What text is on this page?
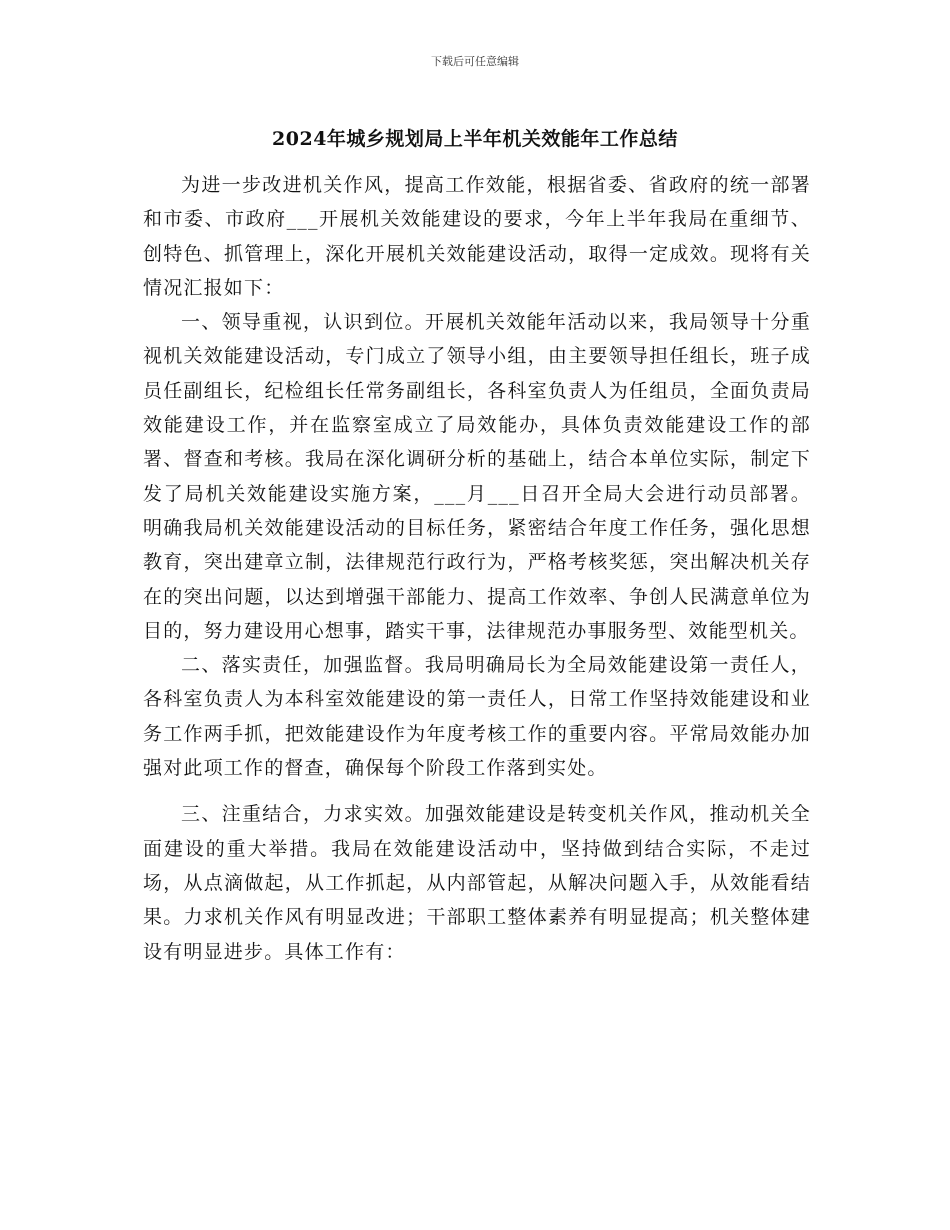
下载后可任意编辑
2024年城乡规划局上半年机关效能年工作总结

为进一步改进机关作风，提高工作效能，根据省委、省政府的统一部署和市委、市政府___开展机关效能建设的要求，今年上半年我局在重细节、创特色、抓管理上，深化开展机关效能建设活动，取得一定成效。现将有关情况汇报如下：

一、领导重视，认识到位。开展机关效能年活动以来，我局领导十分重视机关效能建设活动，专门成立了领导小组，由主要领导担任组长，班子成员任副组长，纪检组长任常务副组长，各科室负责人为任组员，全面负责局效能建设工作，并在监察室成立了局效能办，具体负责效能建设工作的部署、督查和考核。我局在深化调研分析的基础上，结合本单位实际，制定下发了局机关效能建设实施方案，___月___日召开全局大会进行动员部署。明确我局机关效能建设活动的目标任务，紧密结合年度工作任务，强化思想教育，突出建章立制，法律规范行政行为，严格考核奖惩，突出解决机关存在的突出问题，以达到增强干部能力、提高工作效率、争创人民满意单位为目的，努力建设用心想事，踏实干事，法律规范办事服务型、效能型机关。

二、落实责任，加强监督。我局明确局长为全局效能建设第一责任人，各科室负责人为本科室效能建设的第一责任人，日常工作坚持效能建设和业务工作两手抓，把效能建设作为年度考核工作的重要内容。平常局效能办加强对此项工作的督查，确保每个阶段工作落到实处。

三、注重结合，力求实效。加强效能建设是转变机关作风，推动机关全面建设的重大举措。我局在效能建设活动中，坚持做到结合实际，不走过场，从点滴做起，从工作抓起，从内部管起，从解决问题入手，从效能看结果。力求机关作风有明显改进；干部职工整体素养有明显提高；机关整体建设有明显进步。具体工作有：
